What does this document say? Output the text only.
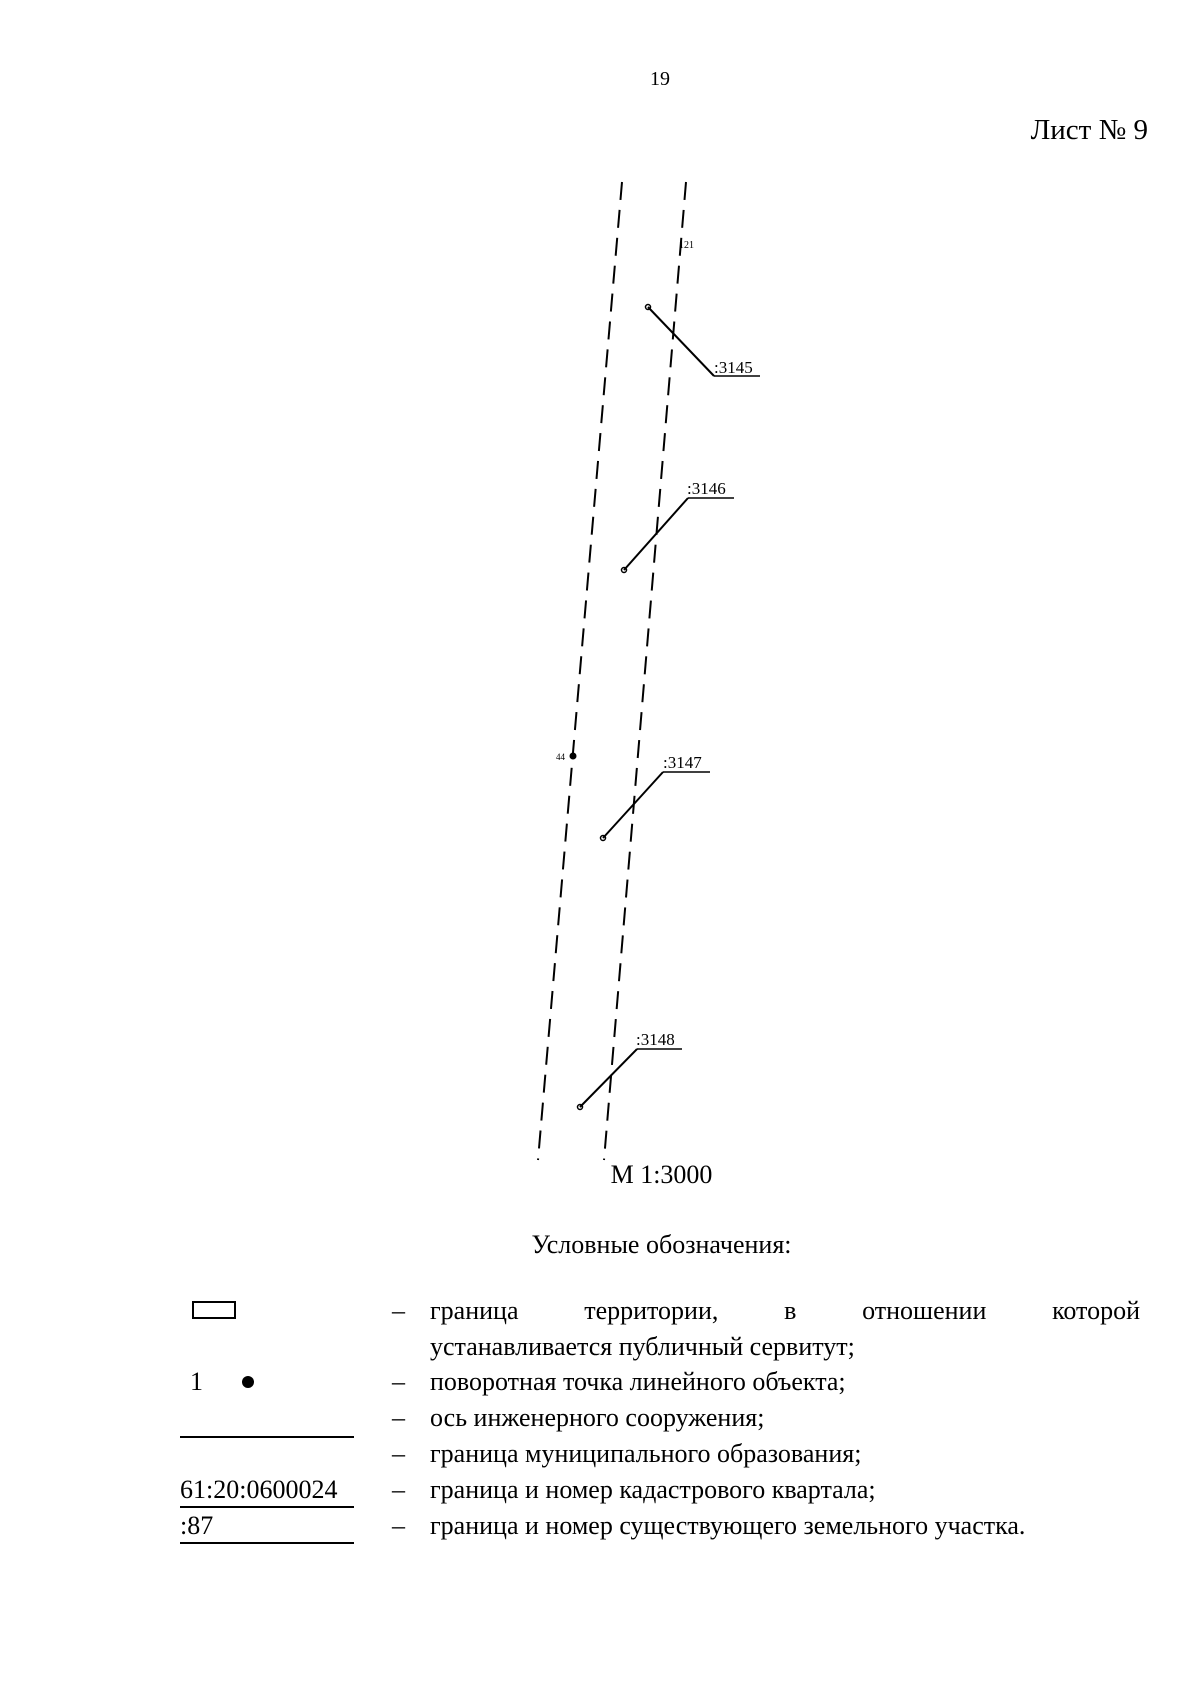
19
Лист № 9
121
44
:3145
:3146
:3147
:3148
М 1:3000
Условные обозначения:
– граница территории, в отношении которой
устанавливается публичный сервитут;
1	– поворотная точка линейного объекта;
– ось инженерного сооружения;
– граница муниципального образования;
61:20:0600024	– граница и номер кадастрового квартала;
:87	– граница и номер существующего земельного участка.
